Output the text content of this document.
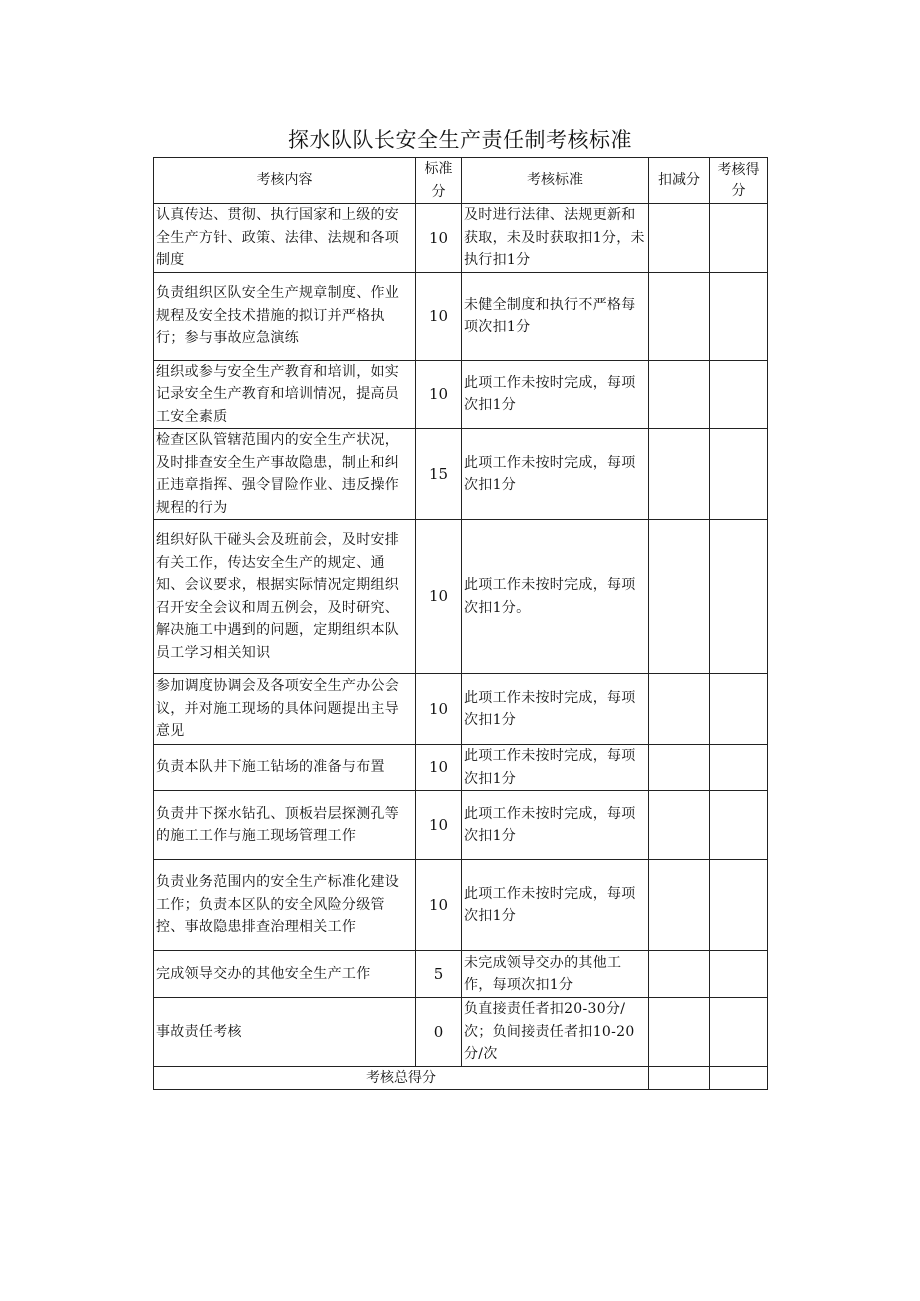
探水队队长安全生产责任制考核标准
考核内容	标准分	考核标准	扣减分	考核得分
认真传达、贯彻、执行国家和上级的安全生产方针、政策、法律、法规和各项制度	10	及时进行法律、法规更新和获取，未及时获取扣1分，未执行扣1分		
负责组织区队安全生产规章制度、作业规程及安全技术措施的拟订并严格执行；参与事故应急演练	10	未健全制度和执行不严格每项次扣1分		
组织或参与安全生产教育和培训，如实记录安全生产教育和培训情况，提高员工安全素质	10	此项工作未按时完成，每项次扣1分		
检查区队管辖范围内的安全生产状况，及时排查安全生产事故隐患，制止和纠正违章指挥、强令冒险作业、违反操作规程的行为	15	此项工作未按时完成，每项次扣1分		
组织好队干碰头会及班前会，及时安排有关工作，传达安全生产的规定、通知、会议要求，根据实际情况定期组织召开安全会议和周五例会，及时研究、解决施工中遇到的问题，定期组织本队员工学习相关知识	10	此项工作未按时完成，每项次扣1分。		
参加调度协调会及各项安全生产办公会议，并对施工现场的具体问题提出主导意见	10	此项工作未按时完成，每项次扣1分		
负责本队井下施工钻场的准备与布置	10	此项工作未按时完成，每项次扣1分		
负责井下探水钻孔、顶板岩层探测孔等的施工工作与施工现场管理工作	10	此项工作未按时完成，每项次扣1分		
负责业务范围内的安全生产标准化建设工作；负责本区队的安全风险分级管控、事故隐患排查治理相关工作	10	此项工作未按时完成，每项次扣1分		
完成领导交办的其他安全生产工作	5	未完成领导交办的其他工作，每项次扣1分		
事故责任考核	0	负直接责任者扣20-30分/次；负间接责任者扣10-20分/次		
考核总得分				
